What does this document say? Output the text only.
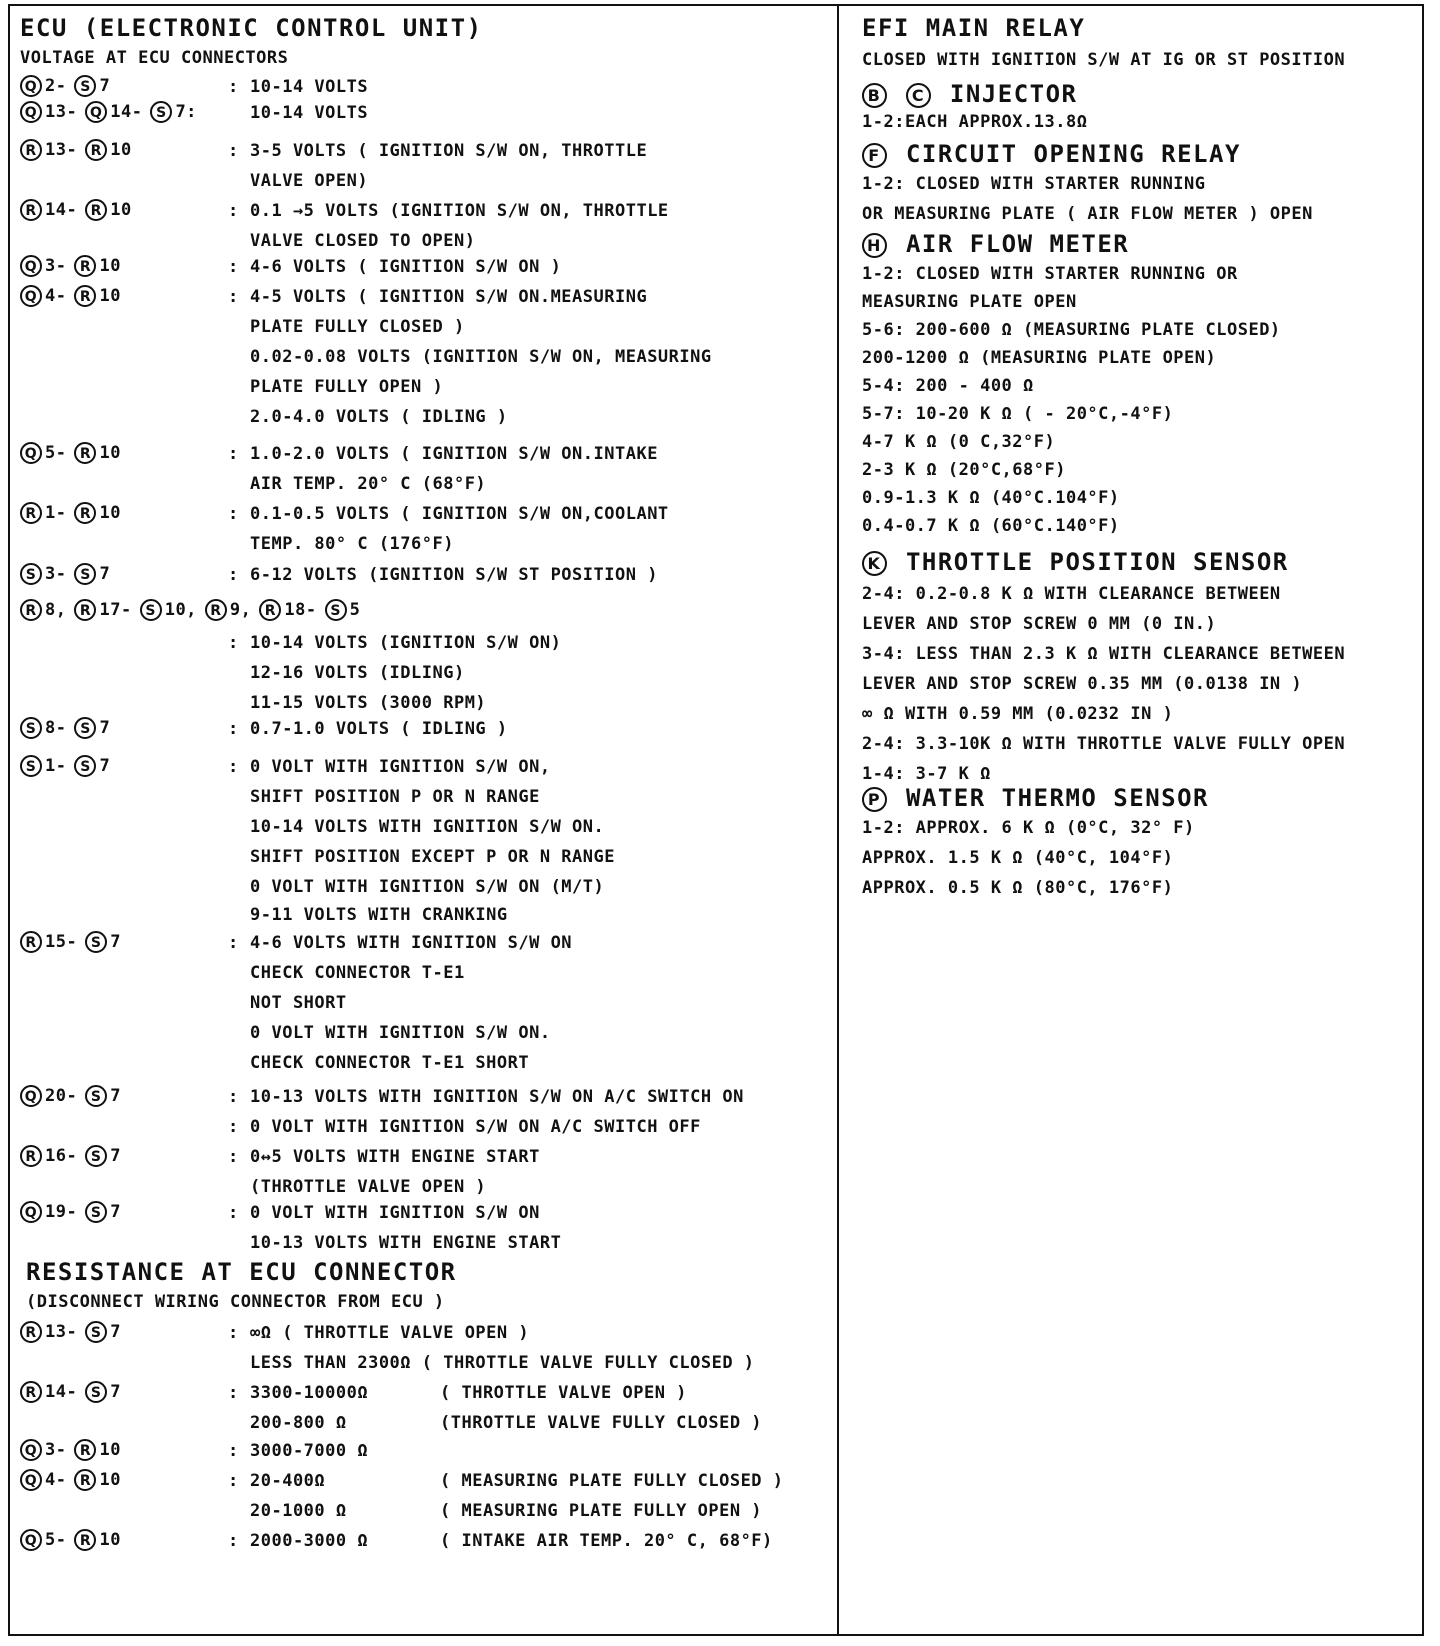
ECU (ELECTRONIC CONTROL UNIT)
VOLTAGE AT ECU CONNECTORS
Q 2- S 7	: 10-14 VOLTS
Q 13- Q 14- S 7:	10-14 VOLTS
R 13- R 10	: 3-5 VOLTS ( IGNITION S/W ON, THROTTLE
VALVE OPEN)
R 14- R 10	: 0.1 →5 VOLTS (IGNITION S/W ON, THROTTLE
VALVE CLOSED TO OPEN)
Q 3- R 10	: 4-6 VOLTS ( IGNITION S/W ON )
Q 4- R 10	: 4-5 VOLTS ( IGNITION S/W ON.MEASURING
PLATE FULLY CLOSED )
0.02-0.08 VOLTS (IGNITION S/W ON, MEASURING
PLATE FULLY OPEN )
2.0-4.0 VOLTS ( IDLING )
Q 5- R 10	: 1.0-2.0 VOLTS ( IGNITION S/W ON.INTAKE
AIR TEMP. 20° C (68°F)
R 1- R 10	: 0.1-0.5 VOLTS ( IGNITION S/W ON,COOLANT
TEMP. 80° C (176°F)
S 3- S 7	: 6-12 VOLTS (IGNITION S/W ST POSITION )
R 8, R 17- S 10, R 9, R 18- S 5
: 10-14 VOLTS (IGNITION S/W ON)
12-16 VOLTS (IDLING)
11-15 VOLTS (3000 RPM)
S 8- S 7	: 0.7-1.0 VOLTS ( IDLING )
S 1- S 7	: 0 VOLT WITH IGNITION S/W ON,
SHIFT POSITION P OR N RANGE
10-14 VOLTS WITH IGNITION S/W ON.
SHIFT POSITION EXCEPT P OR N RANGE
0 VOLT WITH IGNITION S/W ON (M/T)
9-11 VOLTS WITH CRANKING
R 15- S 7	: 4-6 VOLTS WITH IGNITION S/W ON
CHECK CONNECTOR T-E1
NOT SHORT
0 VOLT WITH IGNITION S/W ON.
CHECK CONNECTOR T-E1 SHORT
Q 20- S 7	: 10-13 VOLTS WITH IGNITION S/W ON A/C SWITCH ON
: 0 VOLT WITH IGNITION S/W ON A/C SWITCH OFF
R 16- S 7	: 0↔5 VOLTS WITH ENGINE START
(THROTTLE VALVE OPEN )
Q 19- S 7	: 0 VOLT WITH IGNITION S/W ON
10-13 VOLTS WITH ENGINE START
RESISTANCE AT ECU CONNECTOR
(DISCONNECT WIRING CONNECTOR FROM ECU )
R 13- S 7	: ∞Ω ( THROTTLE VALVE OPEN )
LESS THAN 2300Ω ( THROTTLE VALVE FULLY CLOSED )
R 14- S 7	: 3300-10000Ω	( THROTTLE VALVE OPEN )
200-800 Ω	(THROTTLE VALVE FULLY CLOSED )
Q 3- R 10	: 3000-7000 Ω
Q 4- R 10	: 20-400Ω	( MEASURING PLATE FULLY CLOSED )
20-1000 Ω	( MEASURING PLATE FULLY OPEN )
Q 5- R 10	: 2000-3000 Ω	( INTAKE AIR TEMP. 20° C, 68°F)
EFI MAIN RELAY
CLOSED WITH IGNITION S/W AT IG OR ST POSITION
B C INJECTOR
1-2:EACH APPROX.13.8Ω
F CIRCUIT OPENING RELAY
1-2: CLOSED WITH STARTER RUNNING
OR MEASURING PLATE ( AIR FLOW METER ) OPEN
H AIR FLOW METER
1-2: CLOSED WITH STARTER RUNNING OR
MEASURING PLATE OPEN
5-6: 200-600 Ω (MEASURING PLATE CLOSED)
200-1200 Ω (MEASURING PLATE OPEN)
5-4: 200 - 400 Ω
5-7: 10-20 K Ω ( - 20°C,-4°F)
4-7 K Ω (0 C,32°F)
2-3 K Ω (20°C,68°F)
0.9-1.3 K Ω (40°C.104°F)
0.4-0.7 K Ω (60°C.140°F)
K THROTTLE POSITION SENSOR
2-4: 0.2-0.8 K Ω WITH CLEARANCE BETWEEN
LEVER AND STOP SCREW 0 MM (0 IN.)
3-4: LESS THAN 2.3 K Ω WITH CLEARANCE BETWEEN
LEVER AND STOP SCREW 0.35 MM (0.0138 IN )
∞ Ω WITH 0.59 MM (0.0232 IN )
2-4: 3.3-10K Ω WITH THROTTLE VALVE FULLY OPEN
1-4: 3-7 K Ω
P WATER THERMO SENSOR
1-2: APPROX. 6 K Ω (0°C, 32° F)
APPROX. 1.5 K Ω (40°C, 104°F)
APPROX. 0.5 K Ω (80°C, 176°F)
